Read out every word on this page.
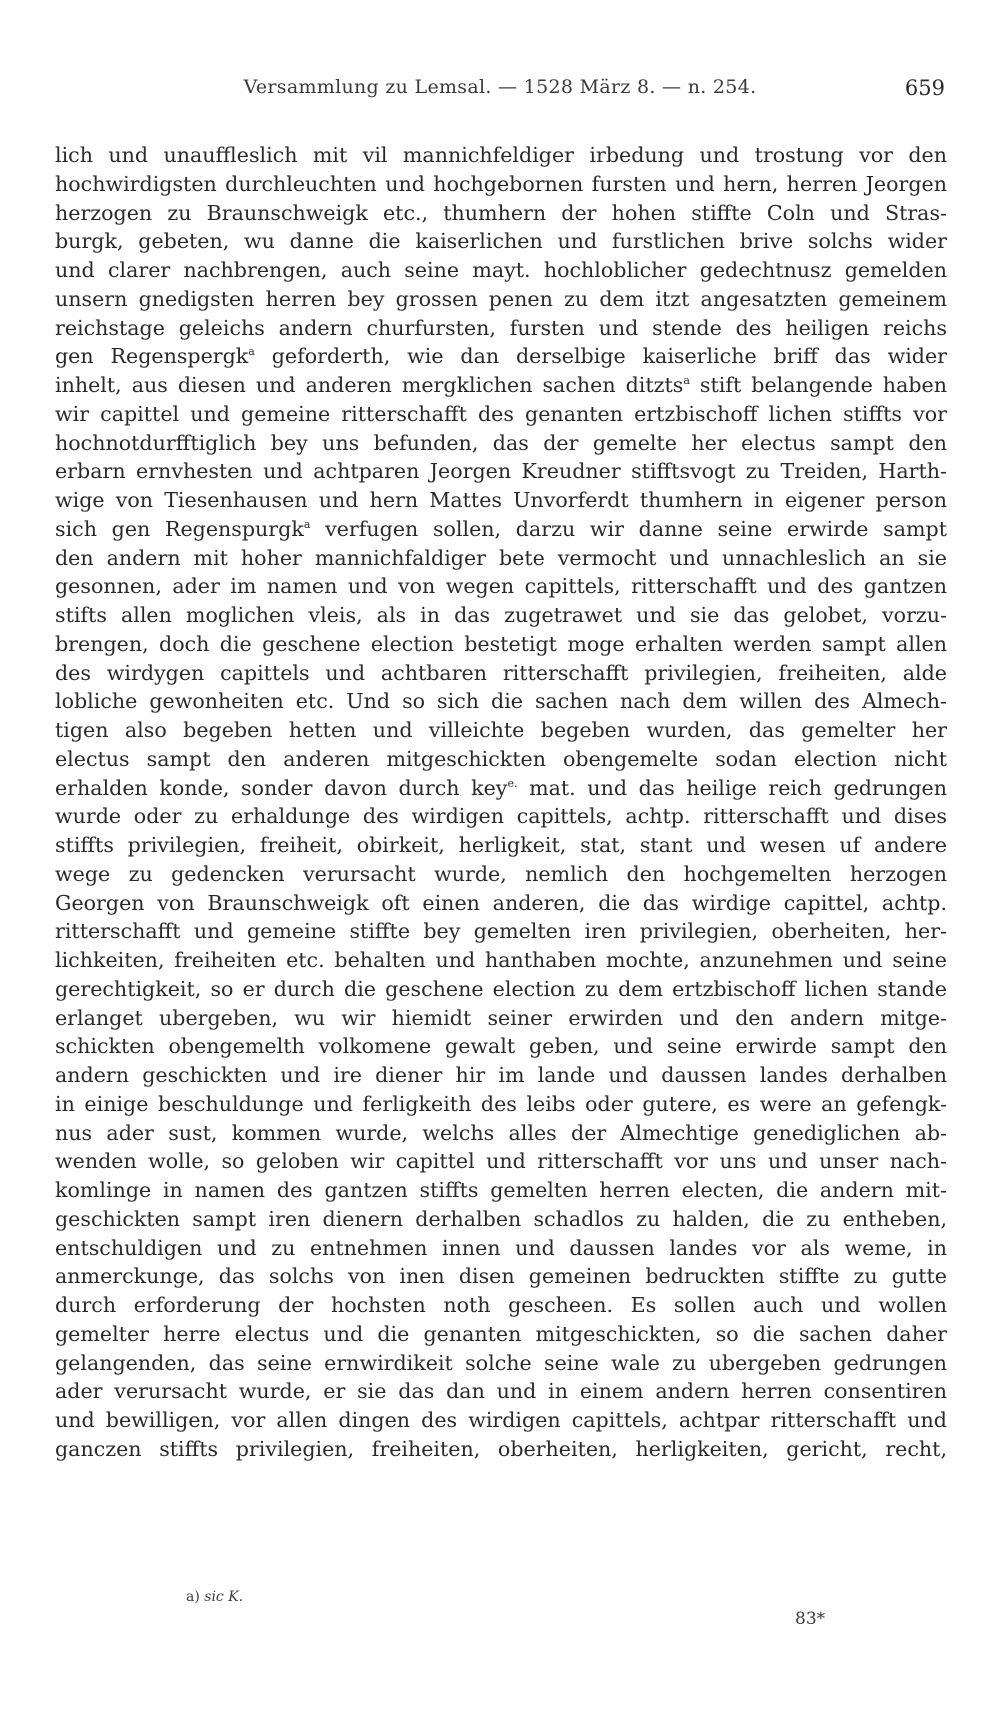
Versammlung zu Lemsal. — 1528 März 8. — n. 254.	659
lich und unauffleslich mit vil mannichfeldiger irbedung und trostung vor den
hochwirdigsten durchleuchten und hochgebornen fursten und hern, herren Jeorgen
herzogen zu Braunschweigk etc., thumhern der hohen stiffte Coln und Stras-
burgk, gebeten, wu danne die kaiserlichen und furstlichen brive solchs wider
und clarer nachbrengen, auch seine mayt. hochloblicher gedechtnusz gemelden
unsern gnedigsten herren bey grossen penen zu dem itzt angesatzten gemeinem
reichstage geleichs andern churfursten, fursten und stende des heiligen reichs
gen Regenspergk$^a$ geforderth, wie dan derselbige kaiserliche briff das wider
inhelt, aus diesen und anderen mergklichen sachen ditzts$^a$ stift belangende haben
wir capittel und gemeine ritterschafft des genanten ertzbischoff lichen stiffts vor
hochnotdurfftiglich bey uns befunden, das der gemelte her electus sampt den
erbarn ernvhesten und achtparen Jeorgen Kreudner stifftsvogt zu Treiden, Harth-
wige von Tiesenhausen und hern Mattes Unvorferdt thumhern in eigener person
sich gen Regenspurgk$^a$ verfugen sollen, darzu wir danne seine erwirde sampt
den andern mit hoher mannichfaldiger bete vermocht und unnachleslich an sie
gesonnen, ader im namen und von wegen capittels, ritterschafft und des gantzen
stifts allen moglichen vleis, als in das zugetrawet und sie das gelobet, vorzu-
brengen, doch die geschene election bestetigt moge erhalten werden sampt allen
des wirdygen capittels und achtbaren ritterschafft privilegien, freiheiten, alde
lobliche gewonheiten etc. Und so sich die sachen nach dem willen des Almech-
tigen also begeben hetten und villeichte begeben wurden, das gemelter her
electus sampt den anderen mitgeschickten obengemelte sodan election nicht
erhalden konde, sonder davon durch key$^{e.}$ mat. und das heilige reich gedrungen
wurde oder zu erhaldunge des wirdigen capittels, achtp. ritterschafft und dises
stiffts privilegien, freiheit, obirkeit, herligkeit, stat, stant und wesen uf andere
wege zu gedencken verursacht wurde, nemlich den hochgemelten herzogen
Georgen von Braunschweigk oft einen anderen, die das wirdige capittel, achtp.
ritterschafft und gemeine stiffte bey gemelten iren privilegien, oberheiten, her-
lichkeiten, freiheiten etc. behalten und hanthaben mochte, anzunehmen und seine
gerechtigkeit, so er durch die geschene election zu dem ertzbischoff lichen stande
erlanget ubergeben, wu wir hiemidt seiner erwirden und den andern mitge-
schickten obengemelth volkomene gewalt geben, und seine erwirde sampt den
andern geschickten und ire diener hir im lande und daussen landes derhalben
in einige beschuldunge und ferligkeith des leibs oder gutere, es were an gefengk-
nus ader sust, kommen wurde, welchs alles der Almechtige genediglichen ab-
wenden wolle, so geloben wir capittel und ritterschafft vor uns und unser nach-
komlinge in namen des gantzen stiffts gemelten herren electen, die andern mit-
geschickten sampt iren dienern derhalben schadlos zu halden, die zu entheben,
entschuldigen und zu entnehmen innen und daussen landes vor als weme, in
anmerckunge, das solchs von inen disen gemeinen bedruckten stiffte zu gutte
durch erforderung der hochsten noth gescheen. Es sollen auch und wollen
gemelter herre electus und die genanten mitgeschickten, so die sachen daher
gelangenden, das seine ernwirdikeit solche seine wale zu ubergeben gedrungen
ader verursacht wurde, er sie das dan und in einem andern herren consentiren
und bewilligen, vor allen dingen des wirdigen capittels, achtpar ritterschafft und
ganczen stiffts privilegien, freiheiten, oberheiten, herligkeiten, gericht, recht,
a) sic K.
83*
